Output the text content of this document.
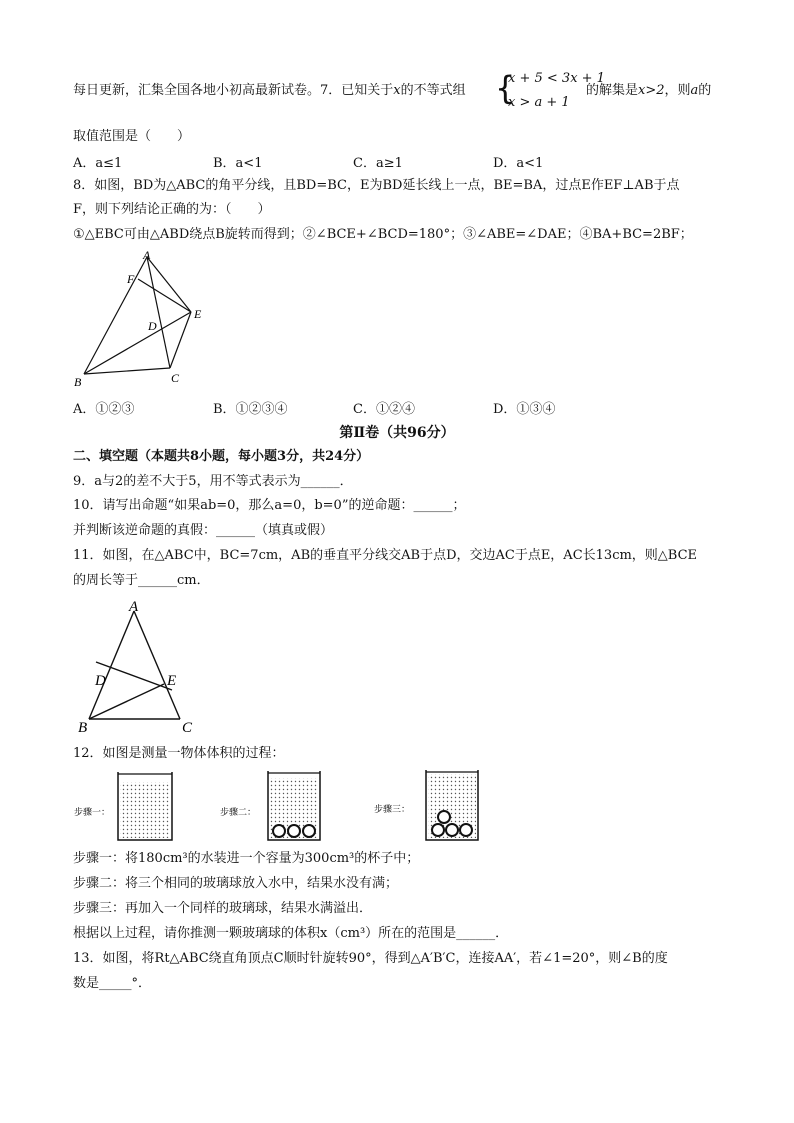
每日更新，汇集全国各地小初高最新试卷。7．已知关于x的不等式组 {
x + 5 < 3x + 1
x > a + 1
的解集是x>2，则a的
取值范围是（　　）
A．a≤1	B．a<1	C．a≥1	D．a<1
8．如图，BD为△ABC的角平分线，且BD=BC，E为BD延长线上一点，BE=BA，过点E作EF⊥AB于点
F，则下列结论正确的为：（　　）
①△EBC可由△ABD绕点B旋转而得到；②∠BCE+∠BCD=180°；③∠ABE=∠DAE；④BA+BC=2BF；
A
F
E
D
B	C
A．①②③	B．①②③④	C．①②④	D．①③④
第Ⅱ卷（共96分）
二、填空题（本题共8小题，每小题3分，共24分）
9．a与2的差不大于5，用不等式表示为______．
10．请写出命题“如果ab=0，那么a=0，b=0”的逆命题：______；
并判断该逆命题的真假：______（填真或假）
11．如图，在△ABC中，BC=7cm，AB的垂直平分线交AB于点D，交边AC于点E，AC长13cm，则△BCE
的周长等于______cm．
A
D	E
B	C
12．如图是测量一物体体积的过程：
步骤一：	步骤二：	步骤三：
步骤一：将180cm³的水装进一个容量为300cm³的杯子中；
步骤二：将三个相同的玻璃球放入水中，结果水没有满；
步骤三：再加入一个同样的玻璃球，结果水满溢出．
根据以上过程，请你推测一颗玻璃球的体积x（cm³）所在的范围是______．
13．如图，将Rt△ABC绕直角顶点C顺时针旋转90°，得到△A′B′C，连接AA′，若∠1=20°，则∠B的度
数是_____°．
